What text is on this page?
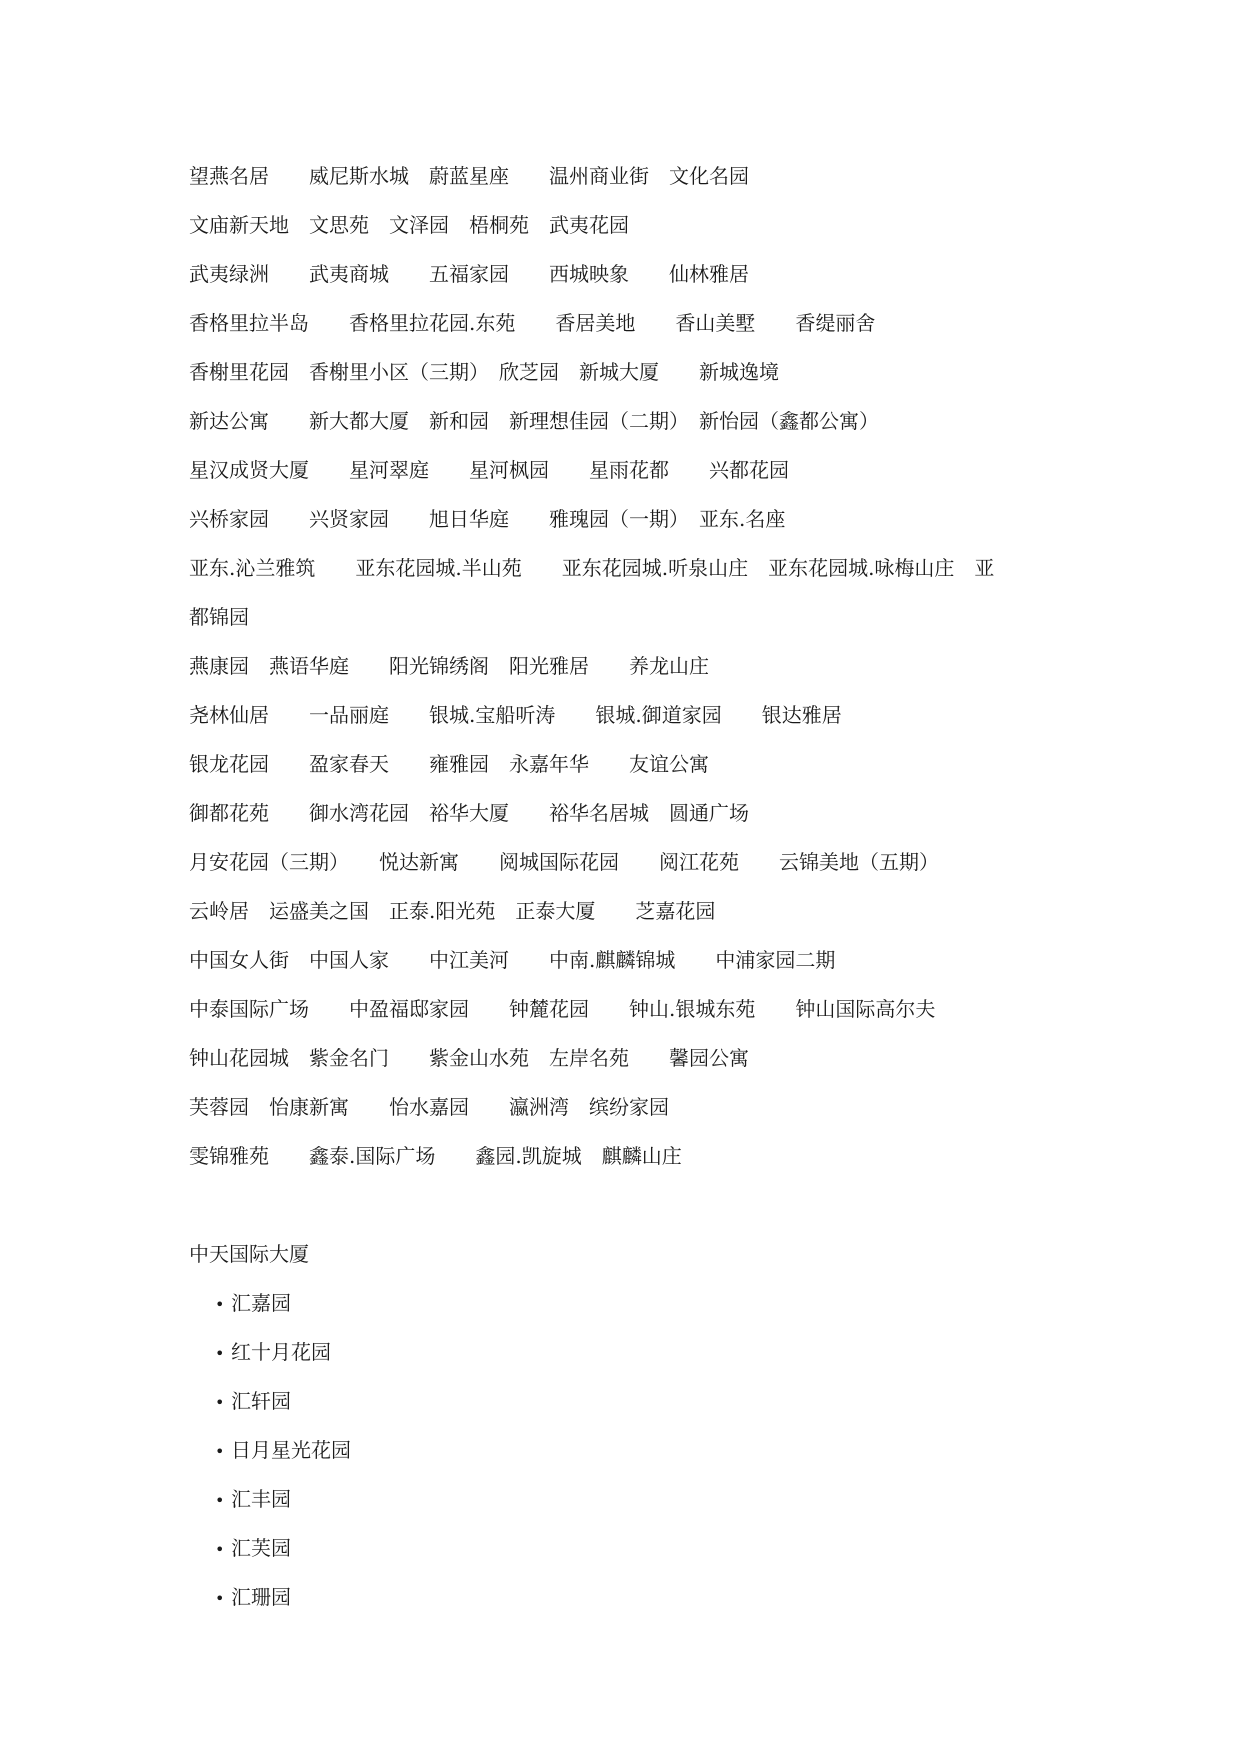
望燕名居　　威尼斯水城　蔚蓝星座　　温州商业街　文化名园
文庙新天地　文思苑　文泽园　梧桐苑　武夷花园
武夷绿洲　　武夷商城　　五福家园　　西城映象　　仙林雅居
香格里拉半岛　　香格里拉花园.东苑　　香居美地　　香山美墅　　香缇丽舍
香榭里花园　香榭里小区（三期）　欣芝园　新城大厦　　新城逸境
新达公寓　　新大都大厦　新和园　新理想佳园（二期）　新怡园（鑫都公寓）
星汉成贤大厦　　星河翠庭　　星河枫园　　星雨花都　　兴都花园
兴桥家园　　兴贤家园　　旭日华庭　　雅瑰园（一期）　亚东.名座
亚东.沁兰雅筑　　亚东花园城.半山苑　　亚东花园城.听泉山庄　亚东花园城.咏梅山庄　亚
都锦园
燕康园　燕语华庭　　阳光锦绣阁　阳光雅居　　养龙山庄
尧林仙居　　一品丽庭　　银城.宝船听涛　　银城.御道家园　　银达雅居
银龙花园　　盈家春天　　雍雅园　永嘉年华　　友谊公寓
御都花苑　　御水湾花园　裕华大厦　　裕华名居城　圆通广场
月安花园（三期）　　悦达新寓　　阅城国际花园　　阅江花苑　　云锦美地（五期）
云岭居　运盛美之国　正泰.阳光苑　正泰大厦　　芝嘉花园
中国女人街　中国人家　　中江美河　　中南.麒麟锦城　　中浦家园二期
中泰国际广场　　中盈福邸家园　　钟麓花园　　钟山.银城东苑　　钟山国际高尔夫
钟山花园城　紫金名门　　紫金山水苑　左岸名苑　　馨园公寓
芙蓉园　怡康新寓　　怡水嘉园　　瀛洲湾　缤纷家园
雯锦雅苑　　鑫泰.国际广场　　鑫园.凯旋城　麒麟山庄
中天国际大厦
• 汇嘉园
• 红十月花园
• 汇轩园
• 日月星光花园
• 汇丰园
• 汇芙园
• 汇珊园
